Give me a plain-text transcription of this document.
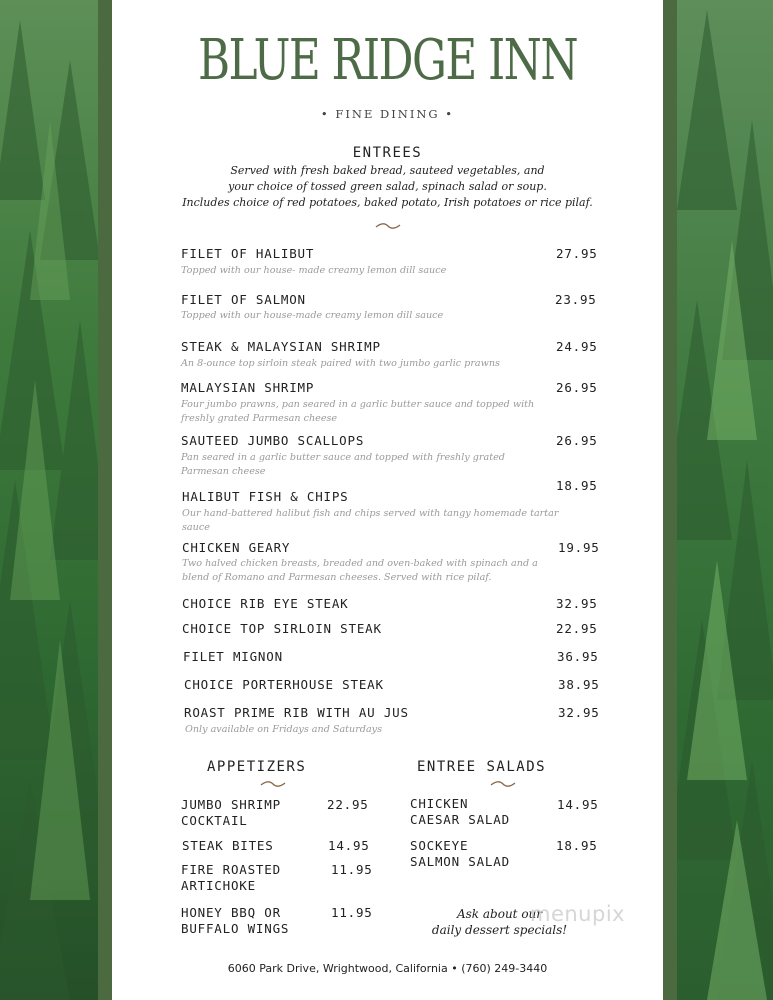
BLUE RIDGE INN
• FINE DINING •
ENTREES
Served with fresh baked bread, sauteed vegetables, and
your choice of tossed green salad, spinach salad or soup.
Includes choice of red potatoes, baked potato, Irish potatoes or rice pilaf.
FILET OF HALIBUT	27.95
Topped with our house- made creamy lemon dill sauce
FILET OF SALMON	23.95
Topped with our house-made creamy lemon dill sauce
STEAK & MALAYSIAN SHRIMP	24.95
An 8-ounce top sirloin steak paired with two jumbo garlic prawns
MALAYSIAN SHRIMP	26.95
Four jumbo prawns, pan seared in a garlic butter sauce and topped with freshly grated Parmesan cheese
SAUTEED JUMBO SCALLOPS	26.95
Pan seared in a garlic butter sauce and topped with freshly grated Parmesan cheese
HALIBUT FISH & CHIPS
18.95
Our hand-battered halibut fish and chips served with tangy homemade tartar sauce
CHICKEN GEARY	19.95
Two halved chicken breasts, breaded and oven-baked with spinach and a blend of Romano and Parmesan cheeses. Served with rice pilaf.
CHOICE RIB EYE STEAK	32.95
CHOICE TOP SIRLOIN STEAK	22.95
FILET MIGNON	36.95
CHOICE PORTERHOUSE STEAK	38.95
ROAST PRIME RIB WITH AU JUS	32.95
Only available on Fridays and Saturdays
APPETIZERS
JUMBO SHRIMP
COCKTAIL
22.95
STEAK BITES	14.95
FIRE ROASTED
ARTICHOKE
11.95
HONEY BBQ OR
BUFFALO WINGS
11.95
ENTREE SALADS
CHICKEN
CAESAR SALAD
14.95
SOCKEYE
SALMON SALAD
18.95
Ask about our
daily dessert specials!
6060 Park Drive, Wrightwood, California • (760) 249-3440
menupix
